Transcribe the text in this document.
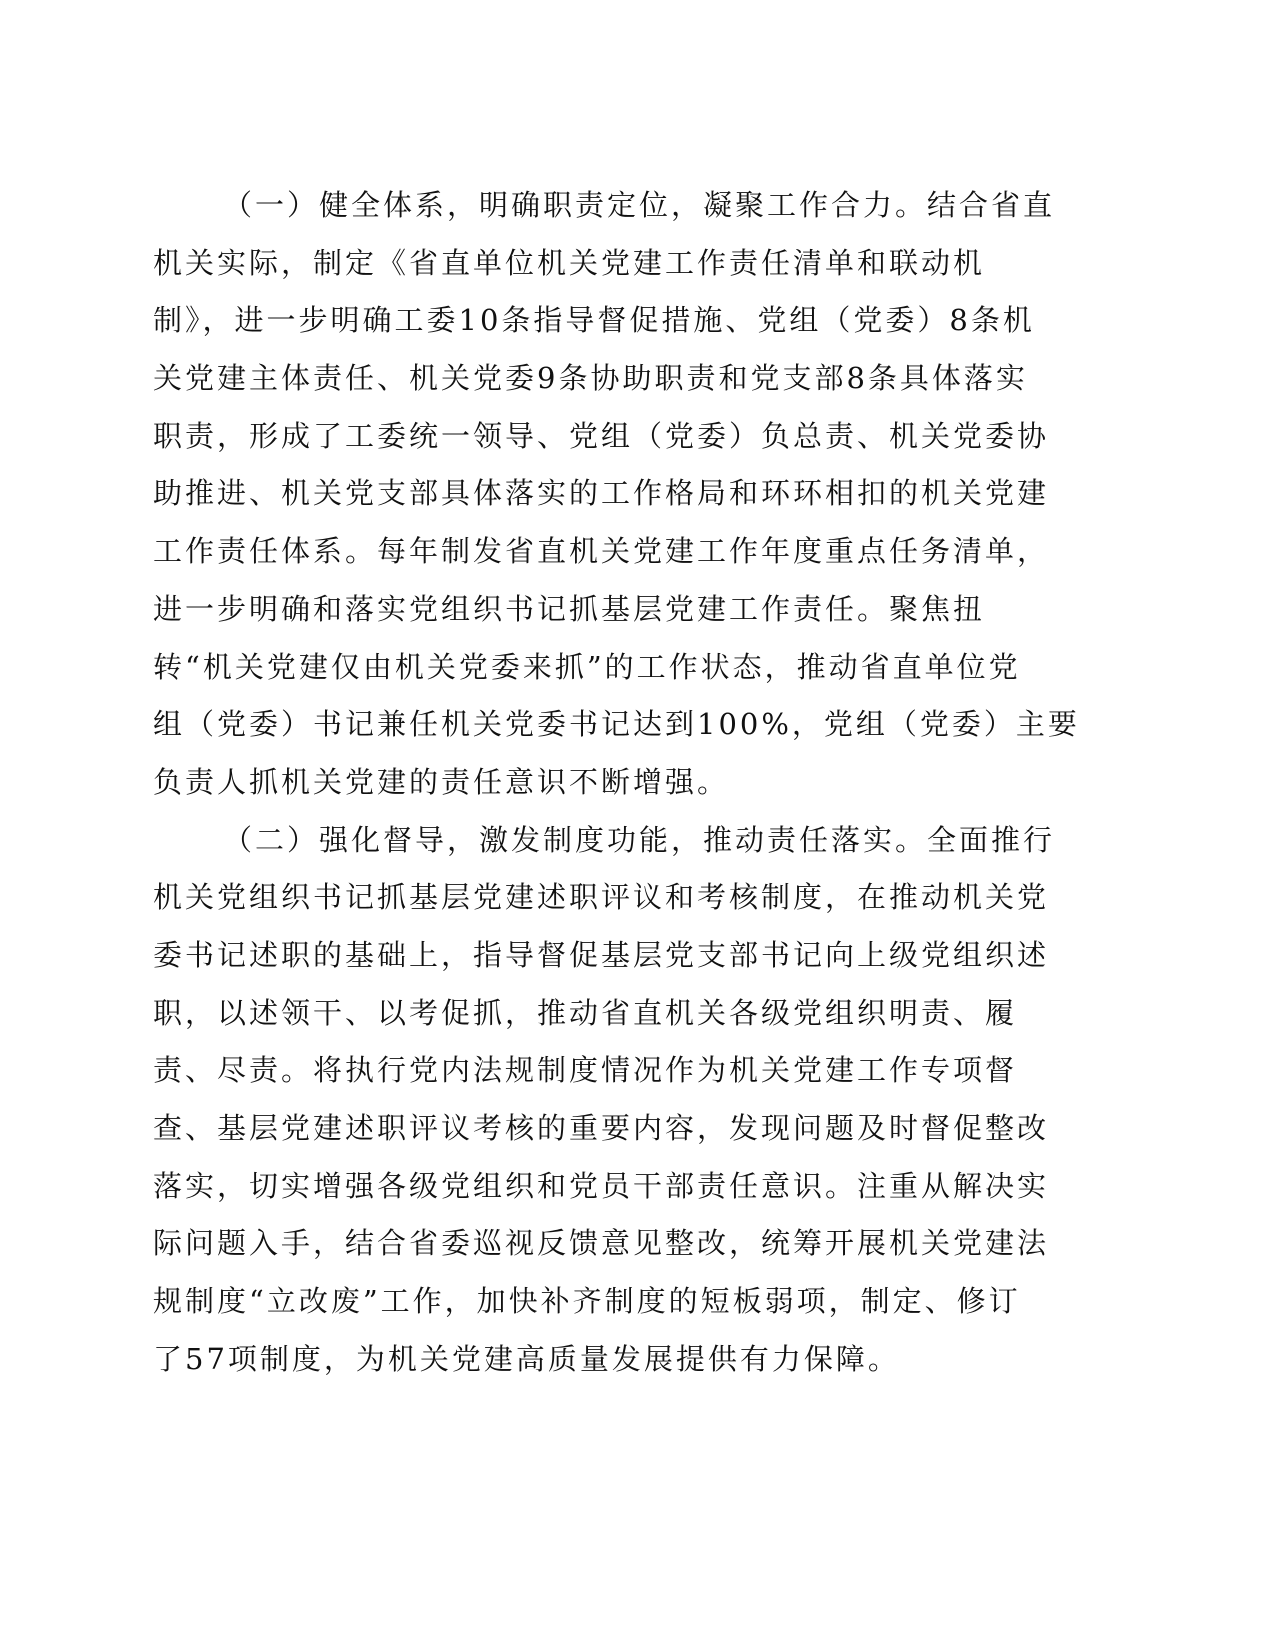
（一）健全体系，明确职责定位，凝聚工作合力。结合省直
机关实际，制定《省直单位机关党建工作责任清单和联动机
制》，进一步明确工委10条指导督促措施、党组（党委）8条机
关党建主体责任、机关党委9条协助职责和党支部8条具体落实
职责，形成了工委统一领导、党组（党委）负总责、机关党委协
助推进、机关党支部具体落实的工作格局和环环相扣的机关党建
工作责任体系。每年制发省直机关党建工作年度重点任务清单，
进一步明确和落实党组织书记抓基层党建工作责任。聚焦扭
转“机关党建仅由机关党委来抓”的工作状态，推动省直单位党
组（党委）书记兼任机关党委书记达到100%，党组（党委）主要
负责人抓机关党建的责任意识不断增强。
（二）强化督导，激发制度功能，推动责任落实。全面推行
机关党组织书记抓基层党建述职评议和考核制度，在推动机关党
委书记述职的基础上，指导督促基层党支部书记向上级党组织述
职，以述领干、以考促抓，推动省直机关各级党组织明责、履
责、尽责。将执行党内法规制度情况作为机关党建工作专项督
查、基层党建述职评议考核的重要内容，发现问题及时督促整改
落实，切实增强各级党组织和党员干部责任意识。注重从解决实
际问题入手，结合省委巡视反馈意见整改，统筹开展机关党建法
规制度“立改废”工作，加快补齐制度的短板弱项，制定、修订
了57项制度，为机关党建高质量发展提供有力保障。
